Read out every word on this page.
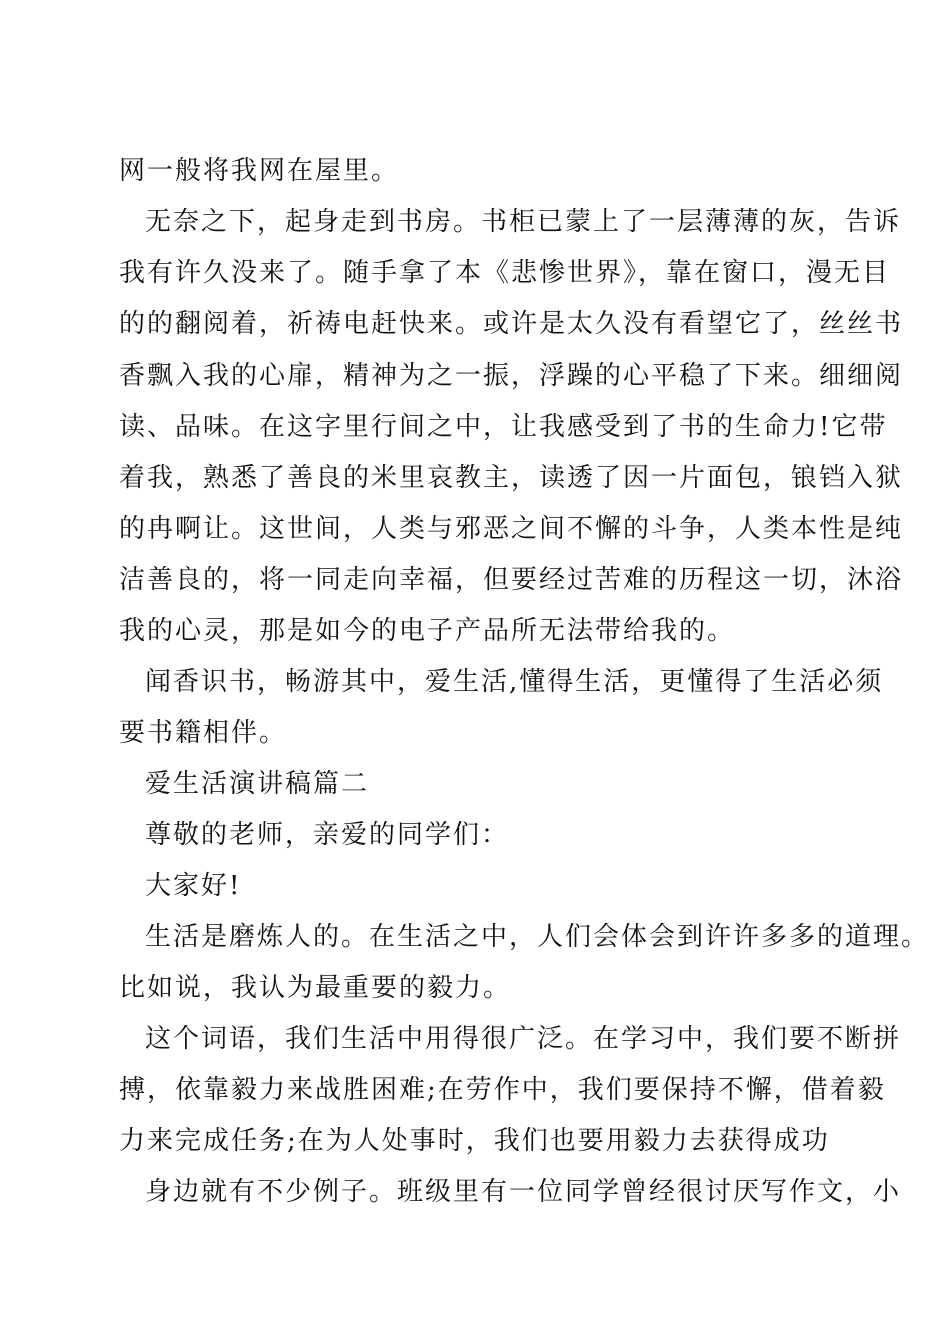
网一般将我网在屋里。
无奈之下，起身走到书房。书柜已蒙上了一层薄薄的灰，告诉
我有许久没来了。随手拿了本《悲惨世界》，靠在窗口，漫无目
的的翻阅着，祈祷电赶快来。或许是太久没有看望它了，丝丝书
香飘入我的心扉，精神为之一振，浮躁的心平稳了下来。细细阅
读、品味。在这字里行间之中，让我感受到了书的生命力!它带
着我，熟悉了善良的米里哀教主，读透了因一片面包，锒铛入狱
的冉啊让。这世间，人类与邪恶之间不懈的斗争，人类本性是纯
洁善良的，将一同走向幸福，但要经过苦难的历程这一切，沐浴
我的心灵，那是如今的电子产品所无法带给我的。
闻香识书，畅游其中，爱生活,懂得生活，更懂得了生活必须
要书籍相伴。
爱生活演讲稿篇二
尊敬的老师，亲爱的同学们：
大家好!
生活是磨炼人的。在生活之中，人们会体会到许许多多的道理。
比如说，我认为最重要的毅力。
这个词语，我们生活中用得很广泛。在学习中，我们要不断拼
搏，依靠毅力来战胜困难;在劳作中，我们要保持不懈，借着毅
力来完成任务;在为人处事时，我们也要用毅力去获得成功
身边就有不少例子。班级里有一位同学曾经很讨厌写作文，小
